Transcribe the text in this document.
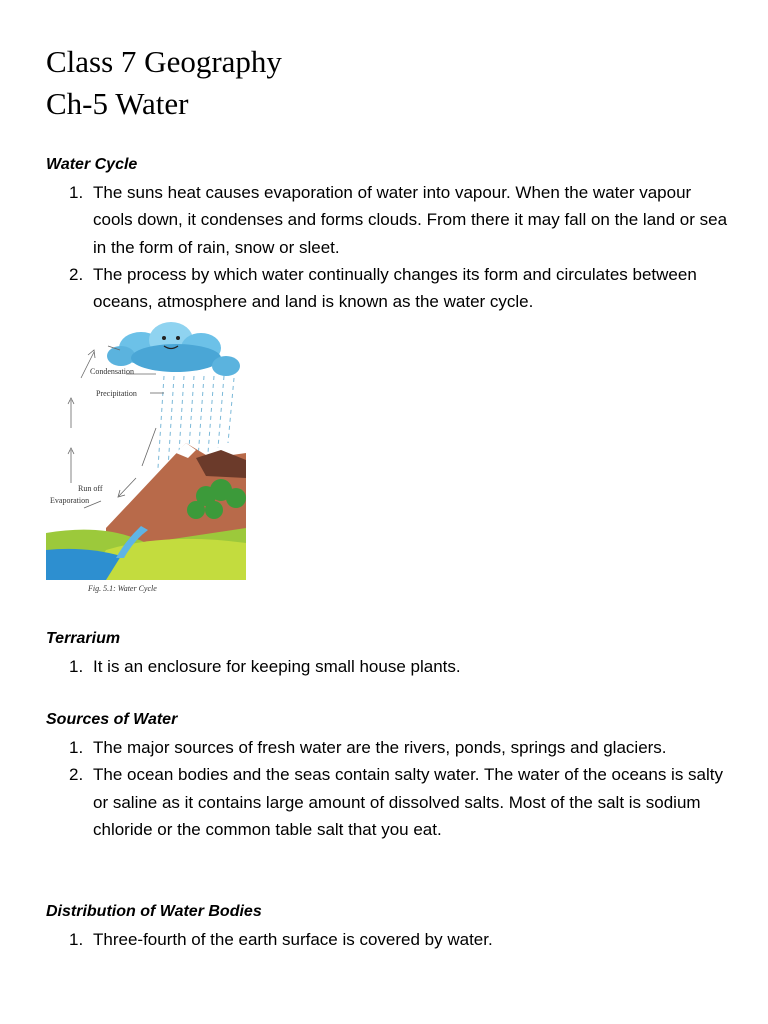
Class 7 Geography
Ch-5 Water
Water Cycle
1. The suns heat causes evaporation of water into vapour. When the water vapour cools down, it condenses and forms clouds. From there it may fall on the land or sea in the form of rain, snow or sleet.
2. The process by which water continually changes its form and circulates between oceans, atmosphere and land is known as the water cycle.
Condensation
Precipitation
Run off
Evaporation
Fig. 5.1: Water Cycle
Terrarium
1. It is an enclosure for keeping small house plants.
Sources of Water
1. The major sources of fresh water are the rivers, ponds, springs and glaciers.
2. The ocean bodies and the seas contain salty water. The water of the oceans is salty or saline as it contains large amount of dissolved salts. Most of the salt is sodium chloride or the common table salt that you eat.
Distribution of Water Bodies
1. Three-fourth of the earth surface is covered by water.
